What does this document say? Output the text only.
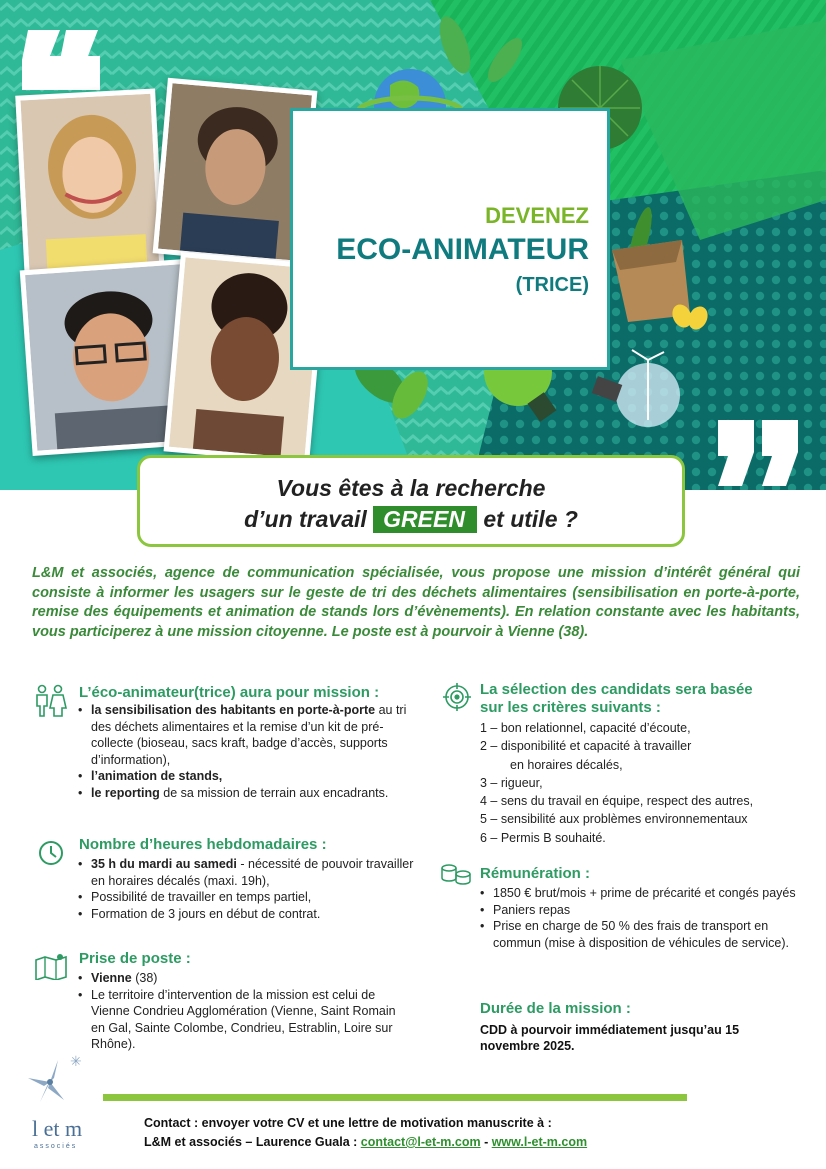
DEVENEZ
ECO-ANIMATEUR
(TRICE)
Vous êtes à la recherche
d’un travail GREEN et utile ?

L&M et associés, agence de communication spécialisée, vous propose une mission d’intérêt général qui consiste à informer les usagers sur le geste de tri des déchets alimentaires (sensibilisation en porte-à-porte, remise des équipements et animation de stands lors d’évènements). En relation constante avec les habitants, vous participerez à une mission citoyenne. Le poste est à pourvoir à Vienne (38).

L’éco-animateur(trice) aura pour mission :
• la sensibilisation des habitants en porte-à-porte au tri des déchets alimentaires et la remise d’un kit de pré-collecte (bioseau, sacs kraft, badge d’accès, supports d’information),
• l’animation de stands,
• le reporting de sa mission de terrain aux encadrants.
Nombre d’heures hebdomadaires :
• 35 h du mardi au samedi - nécessité de pouvoir travailler en horaires décalés (maxi. 19h),
• Possibilité de travailler en temps partiel,
• Formation de 3 jours en début de contrat.
Prise de poste :
• Vienne (38)
• Le territoire d’intervention de la mission est celui de Vienne Condrieu Agglomération (Vienne, Saint Romain en Gal, Sainte Colombe, Condrieu, Estrablin, Loire sur Rhône).
La sélection des candidats sera basée
sur les critères suivants :
1 – bon relationnel, capacité d’écoute,
2 – disponibilité et capacité à travailler
en horaires décalés,
3 – rigueur,
4 – sens du travail en équipe, respect des autres,
5 – sensibilité aux problèmes environnementaux
6 – Permis B souhaité.
Rémunération :
• 1850 € brut/mois + prime de précarité et congés payés
• Paniers repas
• Prise en charge de 50 % des frais de transport en commun (mise à disposition de véhicules de service).
Durée de la mission :
CDD à pourvoir immédiatement jusqu’au 15 novembre 2025.
✳
l et m
associés
Contact : envoyer votre CV et une lettre de motivation manuscrite à :
L&M et associés – Laurence Guala : contact@l-et-m.com - www.l-et-m.com
